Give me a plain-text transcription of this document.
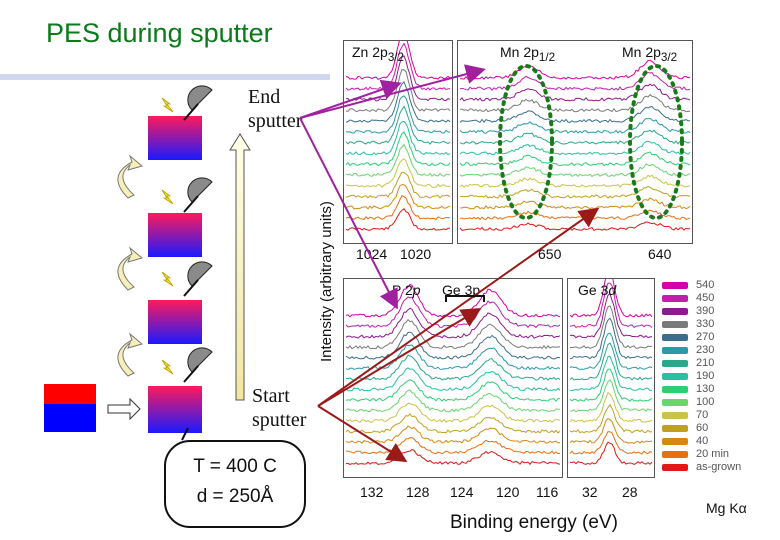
PES during sputter
End
sputter
Start
sputter
Zn $2p_{3/2}$	Mn $2p_{1/2}$	Mn $2p_{3/2}$
P 2p Ge 3p	Ge 3d
1024 1020	650	640
132 128 124 120 116 32 28
Intensity (arbitrary units)
Binding energy (eV)
540
450
390
330
270
230
210
190
130
100
70
60
40
20 min
as-grown
T = 400 C
d = 250Å
Mg Kα
